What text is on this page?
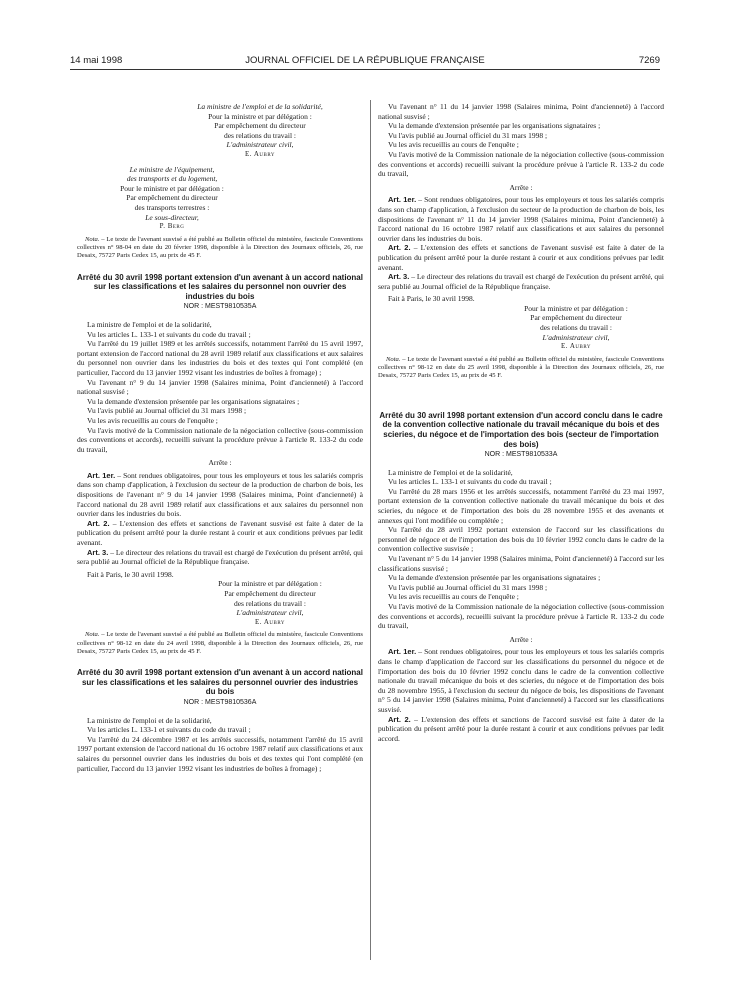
14 mai 1998	JOURNAL OFFICIEL DE LA RÉPUBLIQUE FRANÇAISE	7269
La ministre de l'emploi et de la solidarité,
Pour la ministre et par délégation :
Par empêchement du directeur
des relations du travail :
L'administrateur civil,
E. Aubry
Le ministre de l'équipement,
des transports et du logement,
Pour le ministre et par délégation :
Par empêchement du directeur
des transports terrestres :
Le sous-directeur,
P. Berg

Nota. – Le texte de l'avenant susvisé a été publié au Bulletin officiel du ministère, fascicule Conventions collectives n° 98-04 en date du 20 février 1998, disponible à la Direction des Journaux officiels, 26, rue Desaix, 75727 Paris Cedex 15, au prix de 45 F.

Arrêté du 30 avril 1998 portant extension d'un avenant à un accord national sur les classifications et les salaires du personnel non ouvrier des industries du bois
NOR : MEST9810535A

La ministre de l'emploi et de la solidarité,

Vu les articles L. 133-1 et suivants du code du travail ;

Vu l'arrêté du 19 juillet 1989 et les arrêtés successifs, notamment l'arrêté du 15 avril 1997, portant extension de l'accord national du 28 avril 1989 relatif aux classifications et aux salaires du personnel non ouvrier dans les industries du bois et des textes qui l'ont complété (en particulier, l'accord du 13 janvier 1992 visant les industries de boîtes à fromage) ;

Vu l'avenant n° 9 du 14 janvier 1998 (Salaires minima, Point d'ancienneté) à l'accord national susvisé ;

Vu la demande d'extension présentée par les organisations signataires ;

Vu l'avis publié au Journal officiel du 31 mars 1998 ;

Vu les avis recueillis au cours de l'enquête ;

Vu l'avis motivé de la Commission nationale de la négociation collective (sous-commission des conventions et accords), recueilli suivant la procédure prévue à l'article R. 133-2 du code du travail,

Arrête :

Art. 1er. – Sont rendues obligatoires, pour tous les employeurs et tous les salariés compris dans son champ d'application, à l'exclusion du secteur de la production de charbon de bois, les dispositions de l'avenant n° 9 du 14 janvier 1998 (Salaires minima, Point d'ancienneté) à l'accord national du 28 avril 1989 relatif aux classifications et aux salaires du personnel non ouvrier dans les industries du bois.

Art. 2. – L'extension des effets et sanctions de l'avenant susvisé est faite à dater de la publication du présent arrêté pour la durée restant à courir et aux conditions prévues par ledit avenant.

Art. 3. – Le directeur des relations du travail est chargé de l'exécution du présent arrêté, qui sera publié au Journal officiel de la République française.

Fait à Paris, le 30 avril 1998.

Pour la ministre et par délégation :
Par empêchement du directeur
des relations du travail :
L'administrateur civil,
E. Aubry

Nota. – Le texte de l'avenant susvisé a été publié au Bulletin officiel du ministère, fascicule Conventions collectives n° 98-12 en date du 24 avril 1998, disponible à la Direction des Journaux officiels, 26, rue Desaix, 75727 Paris Cedex 15, au prix de 45 F.

Arrêté du 30 avril 1998 portant extension d'un avenant à un accord national sur les classifications et les salaires du personnel ouvrier des industries du bois
NOR : MEST9810536A

La ministre de l'emploi et de la solidarité,

Vu les articles L. 133-1 et suivants du code du travail ;

Vu l'arrêté du 24 décembre 1987 et les arrêtés successifs, notamment l'arrêté du 15 avril 1997 portant extension de l'accord national du 16 octobre 1987 relatif aux classifications et aux salaires du personnel ouvrier dans les industries du bois et des textes qui l'ont complété (en particulier, l'accord du 13 janvier 1992 visant les industries de boîtes à fromage) ;

Vu l'avenant n° 11 du 14 janvier 1998 (Salaires minima, Point d'ancienneté) à l'accord national susvisé ;

Vu la demande d'extension présentée par les organisations signataires ;

Vu l'avis publié au Journal officiel du 31 mars 1998 ;

Vu les avis recueillis au cours de l'enquête ;

Vu l'avis motivé de la Commission nationale de la négociation collective (sous-commission des conventions et accords) recueilli suivant la procédure prévue à l'article R. 133-2 du code du travail,

Arrête :

Art. 1er. – Sont rendues obligatoires, pour tous les employeurs et tous les salariés compris dans son champ d'application, à l'exclusion du secteur de la production de charbon de bois, les dispositions de l'avenant n° 11 du 14 janvier 1998 (Salaires minima, Point d'ancienneté) à l'accord national du 16 octobre 1987 relatif aux classifications et aux salaires du personnel ouvrier dans les industries du bois.

Art. 2. – L'extension des effets et sanctions de l'avenant susvisé est faite à dater de la publication du présent arrêté pour la durée restant à courir et aux conditions prévues par ledit avenant.

Art. 3. – Le directeur des relations du travail est chargé de l'exécution du présent arrêté, qui sera publié au Journal officiel de la République française.

Fait à Paris, le 30 avril 1998.

Pour la ministre et par délégation :
Par empêchement du directeur
des relations du travail :
L'administrateur civil,
E. Aubry

Nota. – Le texte de l'avenant susvisé a été publié au Bulletin officiel du ministère, fascicule Conventions collectives n° 98-12 en date du 25 avril 1998, disponible à la Direction des Journaux officiels, 26, rue Desaix, 75727 Paris Cedex 15, au prix de 45 F.

Arrêté du 30 avril 1998 portant extension d'un accord conclu dans le cadre de la convention collective nationale du travail mécanique du bois et des scieries, du négoce et de l'importation des bois (secteur de l'importation des bois)
NOR : MEST9810533A

La ministre de l'emploi et de la solidarité,

Vu les articles L. 133-1 et suivants du code du travail ;

Vu l'arrêté du 28 mars 1956 et les arrêtés successifs, notamment l'arrêté du 23 mai 1997, portant extension de la convention collective nationale du travail mécanique du bois et des scieries, du négoce et de l'importation des bois du 28 novembre 1955 et des avenants et annexes qui l'ont modifiée ou complétée ;

Vu l'arrêté du 28 avril 1992 portant extension de l'accord sur les classifications du personnel de négoce et de l'importation des bois du 10 février 1992 conclu dans le cadre de la convention collective susvisée ;

Vu l'avenant n° 5 du 14 janvier 1998 (Salaires minima, Point d'ancienneté) à l'accord sur les classifications susvisé ;

Vu la demande d'extension présentée par les organisations signataires ;

Vu l'avis publié au Journal officiel du 31 mars 1998 ;

Vu les avis recueillis au cours de l'enquête ;

Vu l'avis motivé de la Commission nationale de la négociation collective (sous-commission des conventions et accords), recueilli suivant la procédure prévue à l'article R. 133-2 du code du travail,

Arrête :

Art. 1er. – Sont rendues obligatoires, pour tous les employeurs et tous les salariés compris dans le champ d'application de l'accord sur les classifications du personnel du négoce et de l'importation des bois du 10 février 1992 conclu dans le cadre de la convention collective nationale du travail mécanique du bois et des scieries, du négoce et de l'importation des bois du 28 novembre 1955, à l'exclusion du secteur du négoce de bois, les dispositions de l'avenant n° 5 du 14 janvier 1998 (Salaires minima, Point d'ancienneté) à l'accord sur les classifications susvisé.

Art. 2. – L'extension des effets et sanctions de l'accord susvisé est faite à dater de la publication du présent arrêté pour la durée restant à courir et aux conditions prévues par ledit accord.
